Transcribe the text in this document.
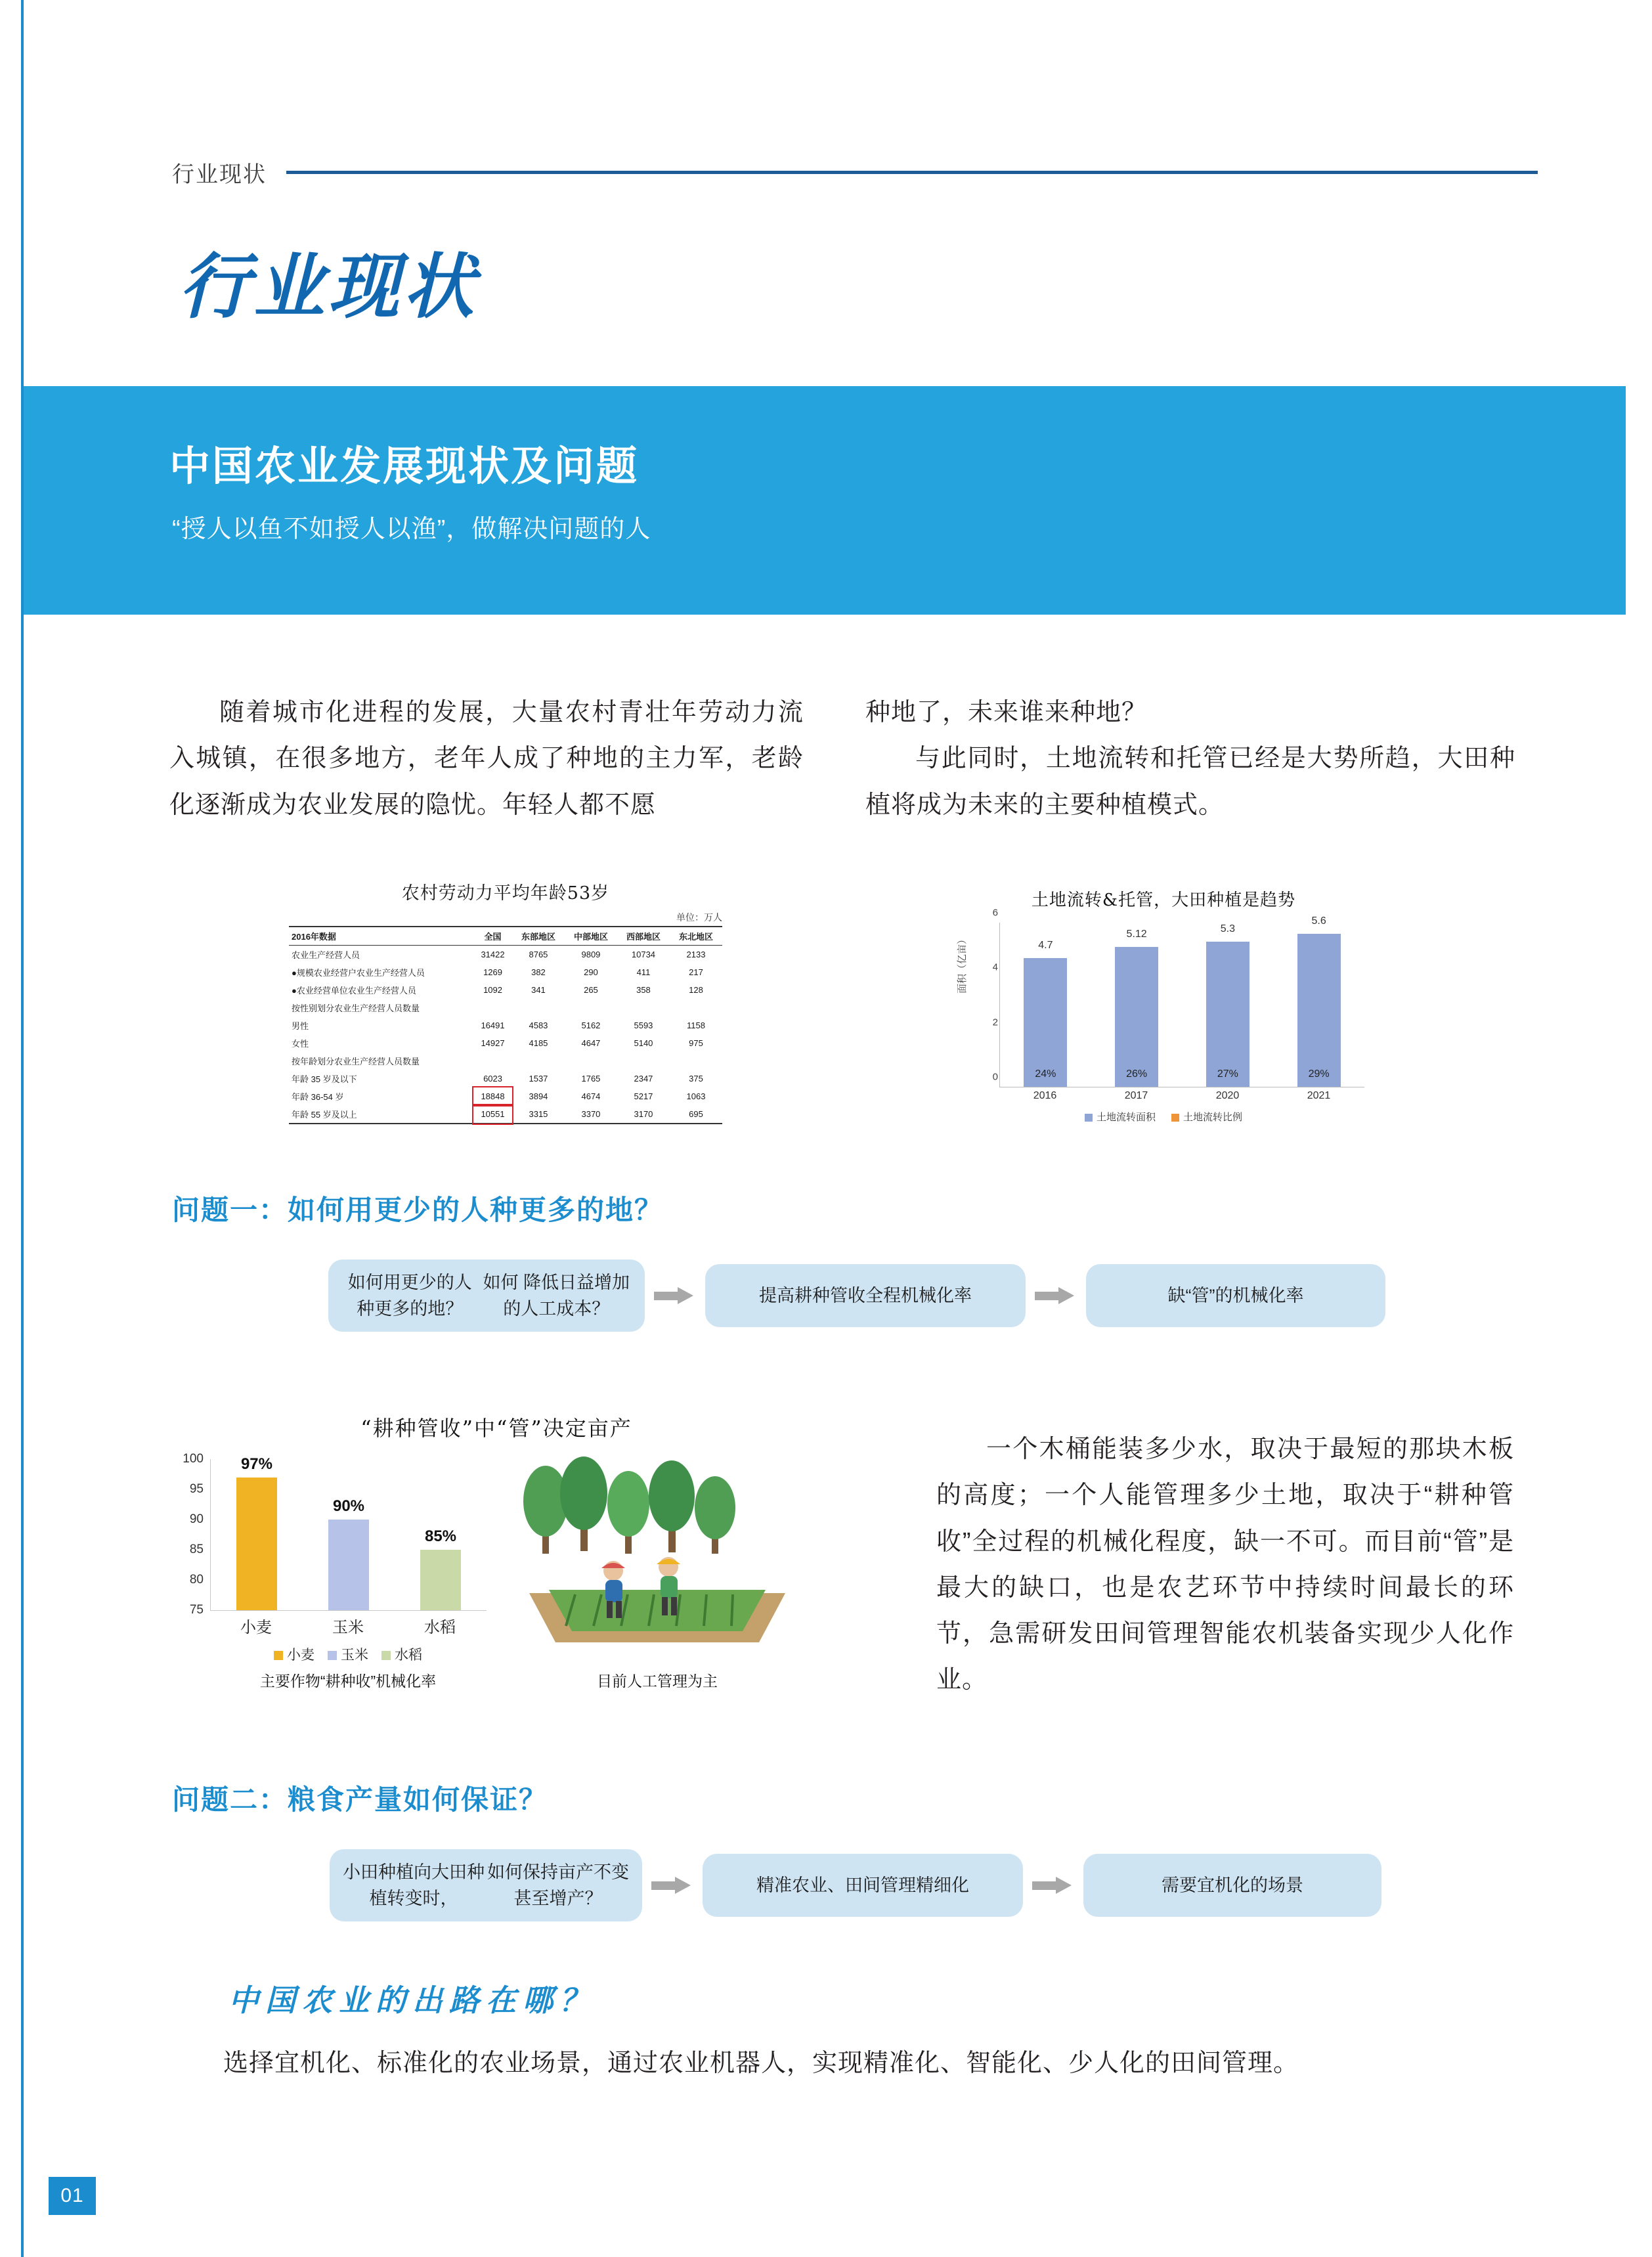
01
行业现状
行业现状
中国农业发展现状及问题
“授人以鱼不如授人以渔”，做解决问题的人

随着城市化进程的发展，大量农村青壮年劳动力流入城镇，在很多地方，老年人成了种地的主力军，老龄化逐渐成为农业发展的隐忧。年轻人都不愿

种地了，未来谁来种地？

与此同时，土地流转和托管已经是大势所趋，大田种植将成为未来的主要种植模式。

农村劳动力平均年龄53岁
单位：万人
2016年数据	全国	东部地区	中部地区	西部地区	东北地区
农业生产经营人员	31422	8765	9809	10734	2133
●规模农业经营户农业生产经营人员	1269	382	290	411	217
●农业经营单位农业生产经营人员	1092	341	265	358	128
按性别划分农业生产经营人员数量					
男性	16491	4583	5162	5593	1158
女性	14927	4185	4647	5140	975
按年龄划分农业生产经营人员数量					
年龄 35 岁及以下	6023	1537	1765	2347	375
年龄 36-54 岁	18848	3894	4674	5217	1063
年龄 55 岁及以上	10551	3315	3370	3170	695
土地流转&托管，大田种植是趋势
0
2
4
6
面积（亿亩）	4.7
24%
5.12
26%
5.3
27%
5.6
29%
2016	2017	2020	2021
土地流转面积	土地流转比例
问题一：如何用更少的人种更多的地？
如何用更少的人种更多的地？
如何 降低日益增加的人工成本？
提高耕种管收全程机械化率	缺“管”的机械化率
“耕种管收”中“管”决定亩产
75
80
85
90
95
100	97%
90%
85%
小麦	玉米	水稻
小麦 玉米 水稻
主要作物“耕种收”机械化率	目前人工管理为主

一个木桶能装多少水，取决于最短的那块木板的高度；一个人能管理多少土地，取决于“耕种管收”全过程的机械化程度，缺一不可。而目前“管”是最大的缺口，也是农艺环节中持续时间最长的环节，急需研发田间管理智能农机装备实现少人化作业。

问题二：粮食产量如何保证？
小田种植向大田种植转变时，
如何保持亩产不变甚至增产？
精准农业、田间管理精细化	需要宜机化的场景
中国农业的出路在哪？
选择宜机化、标准化的农业场景，通过农业机器人，实现精准化、智能化、少人化的田间管理。
